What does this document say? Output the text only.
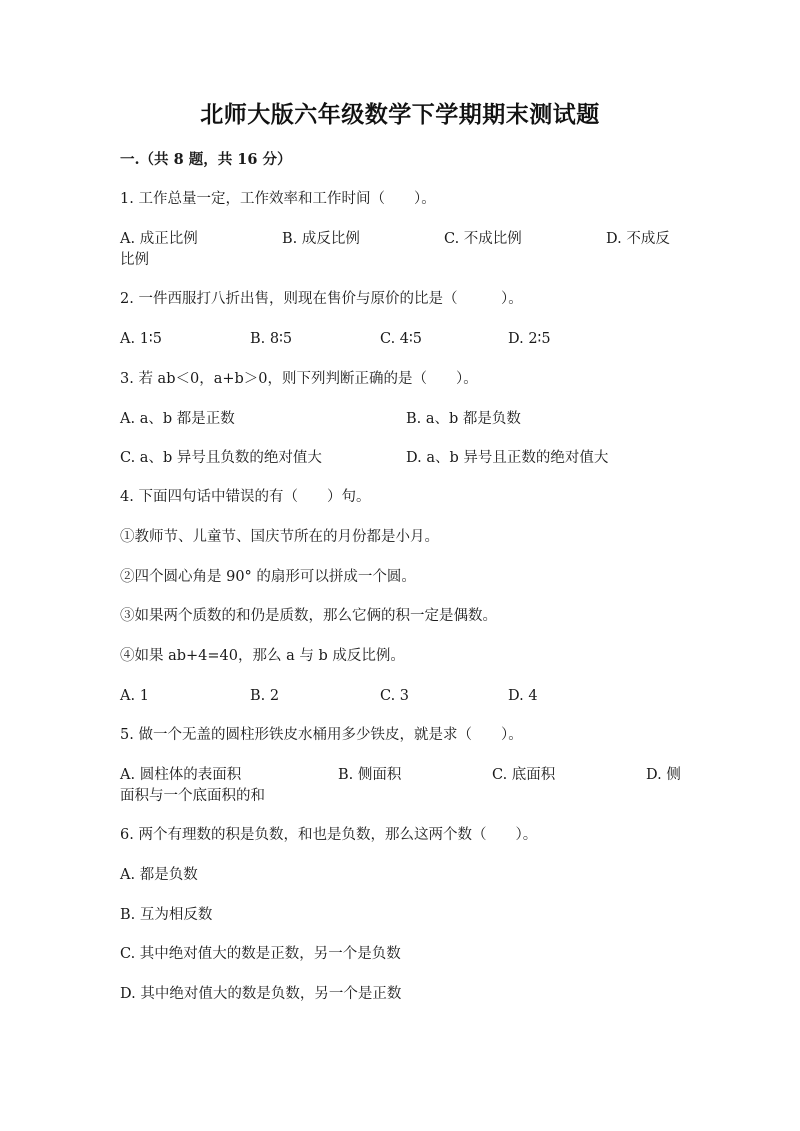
北师大版六年级数学下学期期末测试题
一.（共 8 题，共 16 分）
1. 工作总量一定，工作效率和工作时间（　　）。
A. 成正比例	B. 成反比例	C. 不成比例	D. 不成反
比例
2. 一件西服打八折出售，则现在售价与原价的比是（　　　）。
A. 1∶5	B. 8∶5	C. 4∶5	D. 2∶5
3. 若 ab＜0，a+b＞0，则下列判断正确的是（　　）。
A. a、b 都是正数	B. a、b 都是负数
C. a、b 异号且负数的绝对值大	D. a、b 异号且正数的绝对值大
4. 下面四句话中错误的有（　　）句。
①教师节、儿童节、国庆节所在的月份都是小月。
②四个圆心角是 90° 的扇形可以拼成一个圆。
③如果两个质数的和仍是质数，那么它俩的积一定是偶数。
④如果 ab+4=40，那么 a 与 b 成反比例。
A. 1	B. 2	C. 3	D. 4
5. 做一个无盖的圆柱形铁皮水桶用多少铁皮，就是求（　　）。
A. 圆柱体的表面积	B. 侧面积	C. 底面积	D. 侧
面积与一个底面积的和
6. 两个有理数的积是负数，和也是负数，那么这两个数（　　）。
A. 都是负数
B. 互为相反数
C. 其中绝对值大的数是正数，另一个是负数
D. 其中绝对值大的数是负数，另一个是正数
